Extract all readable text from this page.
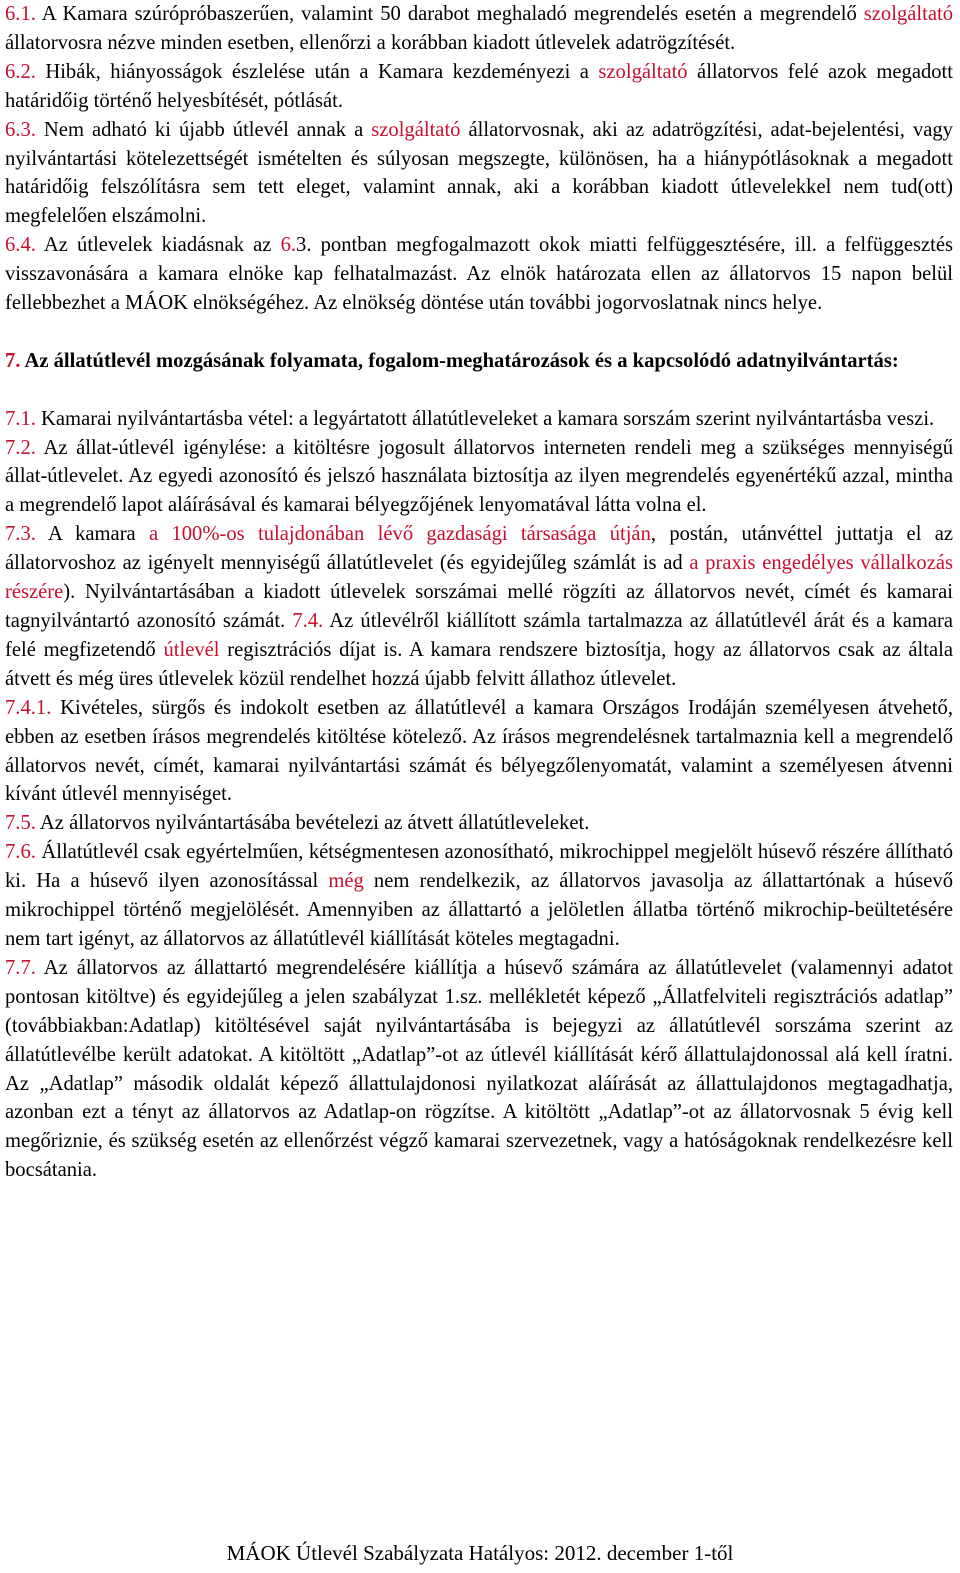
6.1. A Kamara szúrópróbaszerűen, valamint 50 darabot meghaladó megrendelés esetén a megrendelő szolgáltató állatorvosra nézve minden esetben, ellenőrzi a korábban kiadott útlevelek adatrögzítését.

6.2. Hibák, hiányosságok észlelése után a Kamara kezdeményezi a szolgáltató állatorvos felé azok megadott határidőig történő helyesbítését, pótlását.

6.3. Nem adható ki újabb útlevél annak a szolgáltató állatorvosnak, aki az adatrögzítési, adat-bejelentési, vagy nyilvántartási kötelezettségét ismételten és súlyosan megszegte, különösen, ha a hiánypótlásoknak a megadott határidőig felszólításra sem tett eleget, valamint annak, aki a korábban kiadott útlevelekkel nem tud(ott) megfelelően elszámolni.

6.4. Az útlevelek kiadásnak az 6.3. pontban megfogalmazott okok miatti felfüggesztésére, ill. a felfüggesztés visszavonására a kamara elnöke kap felhatalmazást. Az elnök határozata ellen az állatorvos 15 napon belül fellebbezhet a MÁOK elnökségéhez. Az elnökség döntése után további jogorvoslatnak nincs helye.

7. Az állatútlevél mozgásának folyamata, fogalom-meghatározások és a kapcsolódó adatnyilvántartás:

7.1. Kamarai nyilvántartásba vétel: a legyártatott állatútleveleket a kamara sorszám szerint nyilvántartásba veszi.

7.2. Az állat-útlevél igénylése: a kitöltésre jogosult állatorvos interneten rendeli meg a szükséges mennyiségű állat-útlevelet. Az egyedi azonosító és jelszó használata biztosítja az ilyen megrendelés egyenértékű azzal, mintha a megrendelő lapot aláírásával és kamarai bélyegzőjének lenyomatával látta volna el.

7.3. A kamara a 100%-os tulajdonában lévő gazdasági társasága útján, postán, utánvéttel juttatja el az állatorvoshoz az igényelt mennyiségű állatútlevelet (és egyidejűleg számlát is ad a praxis engedélyes vállalkozás részére). Nyilvántartásában a kiadott útlevelek sorszámai mellé rögzíti az állatorvos nevét, címét és kamarai tagnyilvántartó azonosító számát. 7.4. Az útlevélről kiállított számla tartalmazza az állatútlevél árát és a kamara felé megfizetendő útlevél regisztrációs díjat is. A kamara rendszere biztosítja, hogy az állatorvos csak az általa átvett és még üres útlevelek közül rendelhet hozzá újabb felvitt állathoz útlevelet.

7.4.1. Kivételes, sürgős és indokolt esetben az állatútlevél a kamara Országos Irodáján személyesen átvehető, ebben az esetben írásos megrendelés kitöltése kötelező. Az írásos megrendelésnek tartalmaznia kell a megrendelő állatorvos nevét, címét, kamarai nyilvántartási számát és bélyegzőlenyomatát, valamint a személyesen átvenni kívánt útlevél mennyiséget.

7.5. Az állatorvos nyilvántartásába bevételezi az átvett állatútleveleket.

7.6. Állatútlevél csak egyértelműen, kétségmentesen azonosítható, mikrochippel megjelölt húsevő részére állítható ki. Ha a húsevő ilyen azonosítással még nem rendelkezik, az állatorvos javasolja az állattartónak a húsevő mikrochippel történő megjelölését. Amennyiben az állattartó a jelöletlen állatba történő mikrochip-beültetésére nem tart igényt, az állatorvos az állatútlevél kiállítását köteles megtagadni.

7.7. Az állatorvos az állattartó megrendelésére kiállítja a húsevő számára az állatútlevelet (valamennyi adatot pontosan kitöltve) és egyidejűleg a jelen szabályzat 1.sz. mellékletét képező „Állatfelviteli regisztrációs adatlap” (továbbiakban:Adatlap) kitöltésével saját nyilvántartásába is bejegyzi az állatútlevél sorszáma szerint az állatútlevélbe került adatokat. A kitöltött „Adatlap”-ot az útlevél kiállítását kérő állattulajdonossal alá kell íratni. Az „Adatlap” második oldalát képező állattulajdonosi nyilatkozat aláírását az állattulajdonos megtagadhatja, azonban ezt a tényt az állatorvos az Adatlap-on rögzítse. A kitöltött „Adatlap”-ot az állatorvosnak 5 évig kell megőriznie, és szükség esetén az ellenőrzést végző kamarai szervezetnek, vagy a hatóságoknak rendelkezésre kell bocsátania.

MÁOK Útlevél Szabályzata Hatályos: 2012. december 1-től
